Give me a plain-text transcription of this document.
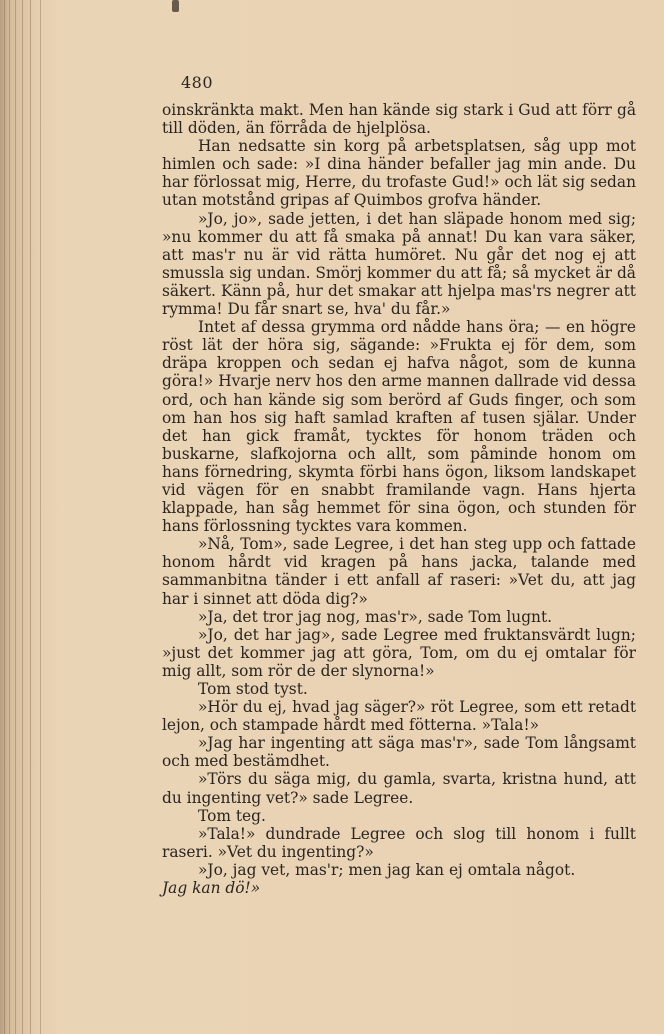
480

oinskränkta makt. Men han kände sig stark i Gud att förr gå till döden, än förråda de hjelplösa.

Han nedsatte sin korg på arbetsplatsen, såg upp mot himlen och sade: »I dina händer befaller jag min ande. Du har förlossat mig, Herre, du trofaste Gud!» och lät sig sedan utan motstånd gripas af Quimbos grofva händer.

»Jo, jo», sade jetten, i det han släpade honom med sig; »nu kommer du att få smaka på annat! Du kan vara säker, att mas'r nu är vid rätta humöret. Nu går det nog ej att smussla sig undan. Smörj kommer du att få; så mycket är då säkert. Känn på, hur det smakar att hjelpa mas'rs negrer att rymma! Du får snart se, hva' du får.»

Intet af dessa grymma ord nådde hans öra; — en högre röst lät der höra sig, sägande: »Frukta ej för dem, som dräpa kroppen och sedan ej hafva något, som de kunna göra!» Hvarje nerv hos den arme mannen dallrade vid dessa ord, och han kände sig som berörd af Guds finger, och som om han hos sig haft samlad kraften af tusen själar. Under det han gick framåt, tycktes för honom träden och buskarne, slafkojorna och allt, som påminde honom om hans förnedring, skymta förbi hans ögon, liksom landskapet vid vägen för en snabbt framilande vagn. Hans hjerta klappade, han såg hemmet för sina ögon, och stunden för hans förlossning tycktes vara kommen.

»Nå, Tom», sade Legree, i det han steg upp och fattade honom hårdt vid kragen på hans jacka, talande med sammanbitna tänder i ett anfall af raseri: »Vet du, att jag har i sinnet att döda dig?»

»Ja, det tror jag nog, mas'r», sade Tom lugnt.

»Jo, det har jag», sade Legree med fruktansvärdt lugn; »just det kommer jag att göra, Tom, om du ej omtalar för mig allt, som rör de der slynorna!»

Tom stod tyst.

»Hör du ej, hvad jag säger?» röt Legree, som ett retadt lejon, och stampade hårdt med fötterna. »Tala!»

»Jag har ingenting att säga mas'r», sade Tom långsamt och med bestämdhet.

»Törs du säga mig, du gamla, svarta, kristna hund, att du ingenting vet?» sade Legree.

Tom teg.

»Tala!» dundrade Legree och slog till honom i fullt raseri. »Vet du ingenting?»

»Jo, jag vet, mas'r; men jag kan ej omtala något.

Jag kan dö!»
